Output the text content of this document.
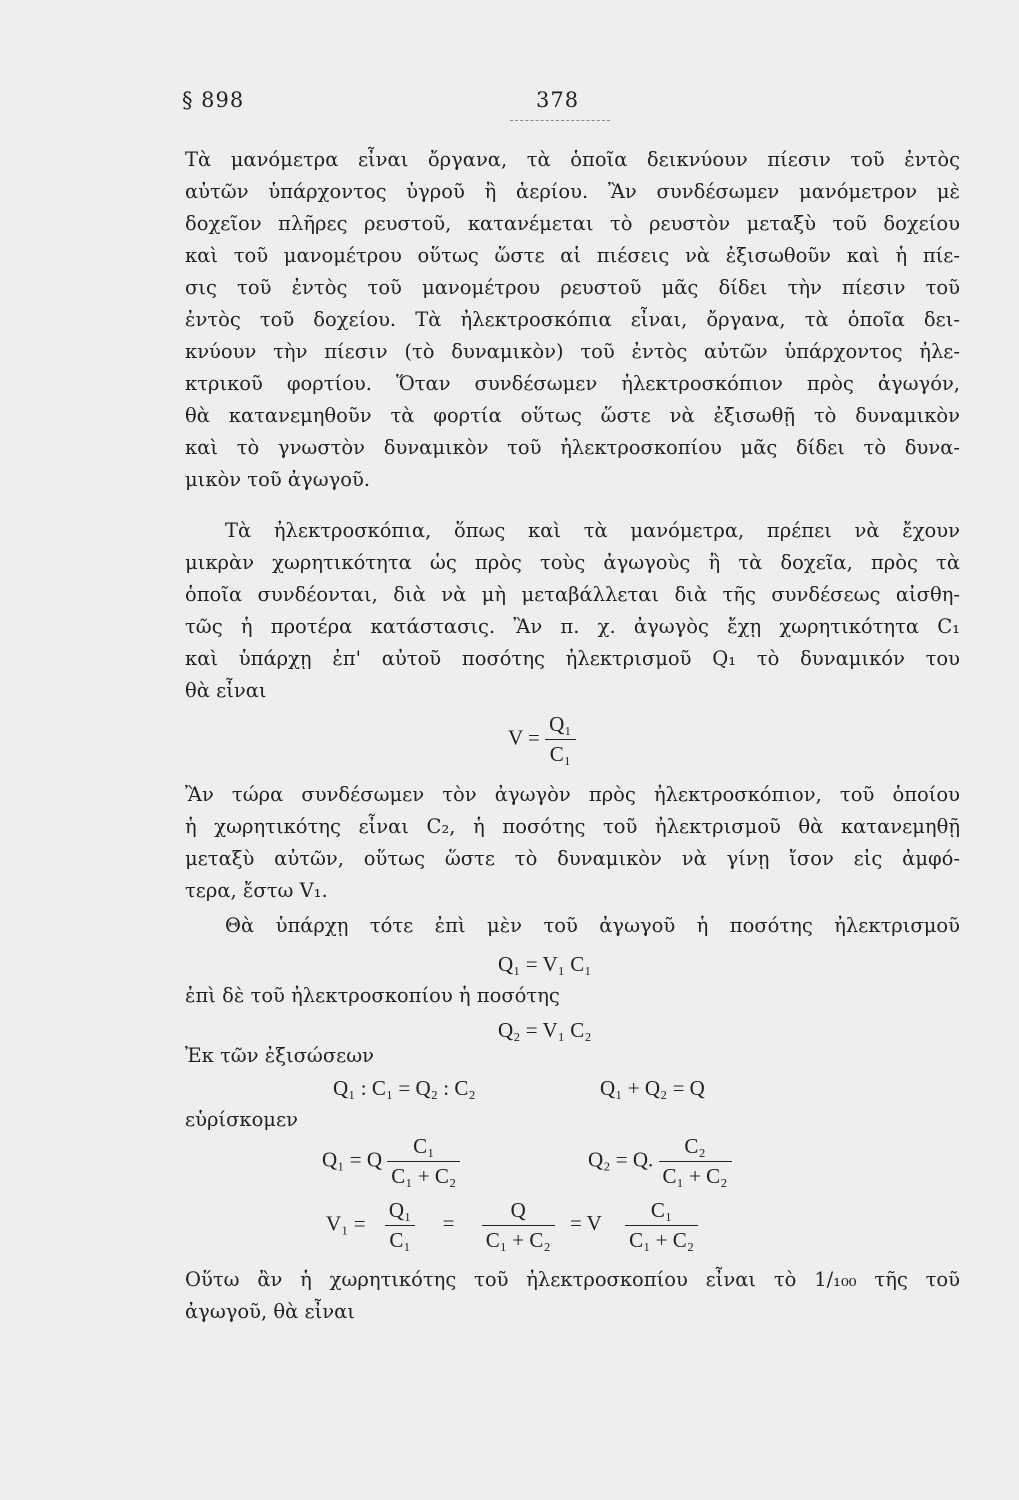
§ 898	378
Τὰ μανόμετρα εἶναι ὄργανα, τὰ ὁποῖα δεικνύουν πίεσιν τοῦ ἐντὸς
αὐτῶν ὑπάρχοντος ὑγροῦ ἢ ἀερίου. Ἂν συνδέσωμεν μανόμετρον μὲ
δοχεῖον πλῆρες ρευστοῦ, κατανέμεται τὸ ρευστὸν μεταξὺ τοῦ δοχείου
καὶ τοῦ μανομέτρου οὕτως ὥστε αἱ πιέσεις νὰ ἐξισωθοῦν καὶ ἡ πίε-
σις τοῦ ἐντὸς τοῦ μανομέτρου ρευστοῦ μᾶς δίδει τὴν πίεσιν τοῦ
ἐντὸς τοῦ δοχείου. Τὰ ἠλεκτροσκόπια εἶναι, ὄργανα, τὰ ὁποῖα δει-
κνύουν τὴν πίεσιν (τὸ δυναμικὸν) τοῦ ἐντὸς αὐτῶν ὑπάρχοντος ἠλε-
κτρικοῦ φορτίου. Ὅταν συνδέσωμεν ἠλεκτροσκόπιον πρὸς ἀγωγόν,
θὰ κατανεμηθοῦν τὰ φορτία οὕτως ὥστε νὰ ἐξισωθῇ τὸ δυναμικὸν
καὶ τὸ γνωστὸν δυναμικὸν τοῦ ἠλεκτροσκοπίου μᾶς δίδει τὸ δυνα-
μικὸν τοῦ ἀγωγοῦ.
Τὰ ἠλεκτροσκόπια, ὅπως καὶ τὰ μανόμετρα, πρέπει νὰ ἔχουν
μικρὰν χωρητικότητα ὡς πρὸς τοὺς ἀγωγοὺς ἢ τὰ δοχεῖα, πρὸς τὰ
ὁποῖα συνδέονται, διὰ νὰ μὴ μεταβάλλεται διὰ τῆς συνδέσεως αἰσθη-
τῶς ἡ προτέρα κατάστασις. Ἂν π. χ. ἀγωγὸς ἔχῃ χωρητικότητα C₁
καὶ ὑπάρχῃ ἐπ' αὐτοῦ ποσότης ἠλεκτρισμοῦ Q₁ τὸ δυναμικόν του
θὰ εἶναι
$V = \frac{\text{Q₁}}{\text{C₁}}$
Ἂν τώρα συνδέσωμεν τὸν ἀγωγὸν πρὸς ἠλεκτροσκόπιον, τοῦ ὁποίου
ἡ χωρητικότης εἶναι C₂, ἡ ποσότης τοῦ ἠλεκτρισμοῦ θὰ κατανεμηθῇ
μεταξὺ αὐτῶν, οὕτως ὥστε τὸ δυναμικὸν νὰ γίνῃ ἴσον εἰς ἀμφό-
τερα, ἔστω V₁.
Θὰ ὑπάρχῃ τότε ἐπὶ μὲν τοῦ ἀγωγοῦ ἡ ποσότης ἠλεκτρισμοῦ
Q₁ = V₁ C₁
ἐπὶ δὲ τοῦ ἠλεκτροσκοπίου ἡ ποσότης
Q₂ = V₁ C₂
Ἐκ τῶν ἐξισώσεων
Q₁ : C₁ = Q₂ : C₂	Q₁ + Q₂ = Q
εὑρίσκομεν
Q₁ = Q $\frac{\text{C₁}}{\text{C₁ + C₂}}$	Q₂ = Q. $\frac{\text{C₂}}{\text{C₁ + C₂}}$
$V_1 = \frac{\text{Q₁}}{\text{C₁}} = \frac{Q}{\text{C₁ + C₂}} = V \frac{\text{C₁}}{\text{C₁ + C₂}}$
Οὕτω ἂν ἡ χωρητικότης τοῦ ἠλεκτροσκοπίου εἶναι τὸ 1/₁₀₀ τῆς τοῦ
ἀγωγοῦ, θὰ εἶναι
